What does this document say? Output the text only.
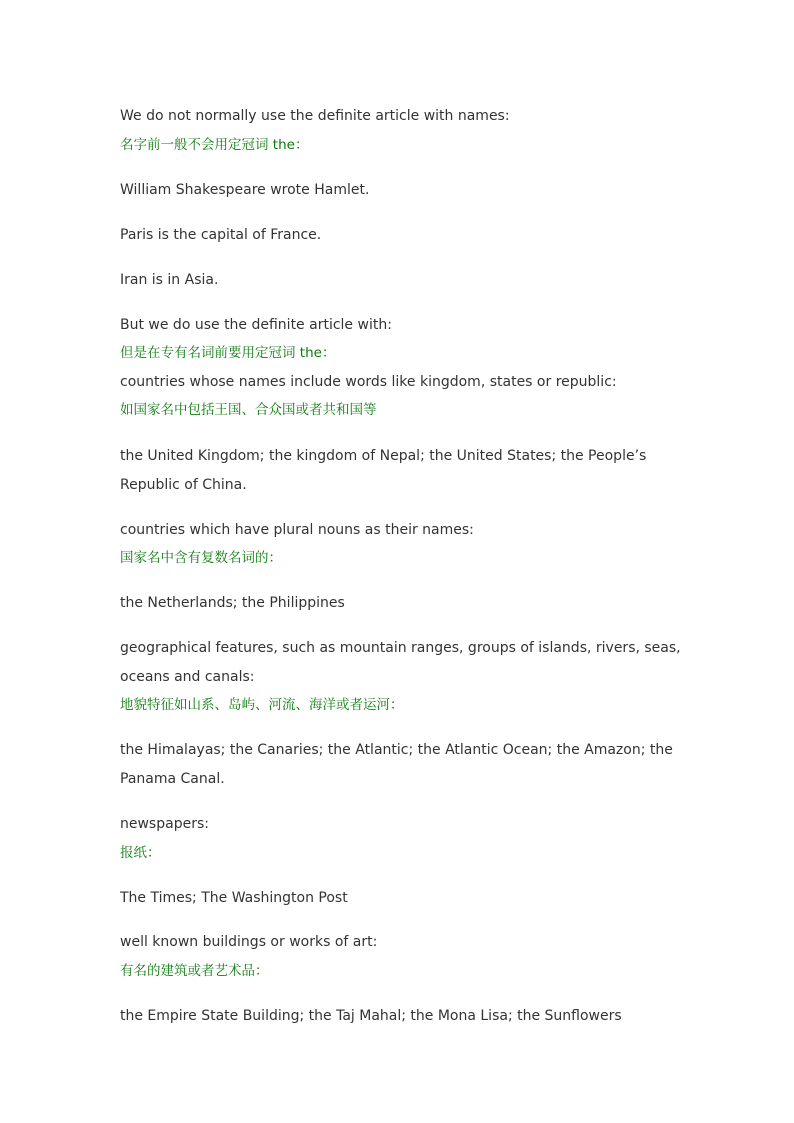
We do not normally use the definite article with names:

名字前一般不会用定冠词 the：

William Shakespeare wrote Hamlet.

Paris is the capital of France.

Iran is in Asia.

But we do use the definite article with:

但是在专有名词前要用定冠词 the：

countries whose names include words like kingdom, states or republic:

如国家名中包括王国、合众国或者共和国等

the United Kingdom; the kingdom of Nepal; the United States; the People’s

Republic of China.

countries which have plural nouns as their names:

国家名中含有复数名词的：

the Netherlands; the Philippines

geographical features, such as mountain ranges, groups of islands, rivers, seas,

oceans and canals:

地貌特征如山系、岛屿、河流、海洋或者运河：

the Himalayas; the Canaries; the Atlantic; the Atlantic Ocean; the Amazon; the

Panama Canal.

newspapers:

报纸：

The Times; The Washington Post

well known buildings or works of art:

有名的建筑或者艺术品：

the Empire State Building; the Taj Mahal; the Mona Lisa; the Sunflowers
